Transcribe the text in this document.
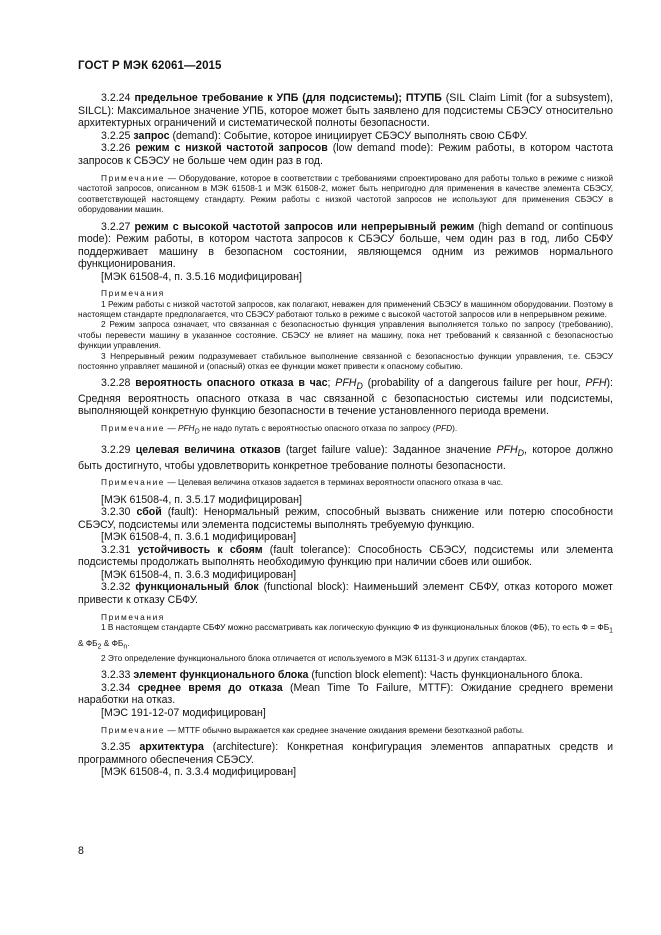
ГОСТ Р МЭК 62061—2015

3.2.24 предельное требование к УПБ (для подсистемы); ПТУПБ (SIL Claim Limit (for a subsystem), SILCL): Максимальное значение УПБ, которое может быть заявлено для подсистемы СБЭСУ относительно архитектурных ограничений и систематической полноты безопасности.

3.2.25 запрос (demand): Событие, которое инициирует СБЭСУ выполнять свою СБФУ.

3.2.26 режим с низкой частотой запросов (low demand mode): Режим работы, в котором частота запросов к СБЭСУ не больше чем один раз в год.

Примечание — Оборудование, которое в соответствии с требованиями спроектировано для работы только в режиме с низкой частотой запросов, описанном в МЭК 61508-1 и МЭК 61508-2, может быть непригодно для применения в качестве элемента СБЭСУ, соответствующей настоящему стандарту. Режим работы с низкой частотой запросов не используют для применения СБЭСУ в оборудовании машин.

3.2.27 режим с высокой частотой запросов или непрерывный режим (high demand or continuous mode): Режим работы, в котором частота запросов к СБЭСУ больше, чем один раз в год, либо СБФУ поддерживает машину в безопасном состоянии, являющемся одним из режимов нормального функционирования.

[МЭК 61508-4, п. 3.5.16 модифицирован]

Примечания

1 Режим работы с низкой частотой запросов, как полагают, неважен для применений СБЭСУ в машинном оборудовании. Поэтому в настоящем стандарте предполагается, что СБЭСУ работают только в режиме с высокой частотой запросов или в непрерывном режиме.

2 Режим запроса означает, что связанная с безопасностью функция управления выполняется только по запросу (требованию), чтобы перевести машину в указанное состояние. СБЭСУ не влияет на машину, пока нет требований к связанной с безопасностью функции управления.

3 Непрерывный режим подразумевает стабильное выполнение связанной с безопасностью функции управления, т.е. СБЭСУ постоянно управляет машиной и (опасный) отказ ее функции может привести к опасному событию.

3.2.28 вероятность опасного отказа в час; $PFH_D$ (probability of a dangerous failure per hour, PFH): Средняя вероятность опасного отказа в час связанной с безопасностью системы или подсистемы, выполняющей конкретную функцию безопасности в течение установленного периода времени.

Примечание — $PFH_D$ не надо путать с вероятностью опасного отказа по запросу (PFD).

3.2.29 целевая величина отказов (target failure value): Заданное значение $PFH_D$, которое должно быть достигнуто, чтобы удовлетворить конкретное требование полноты безопасности.

Примечание — Целевая величина отказов задается в терминах вероятности опасного отказа в час.

[МЭК 61508-4, п. 3.5.17 модифицирован]

3.2.30 сбой (fault): Ненормальный режим, способный вызвать снижение или потерю способности СБЭСУ, подсистемы или элемента подсистемы выполнять требуемую функцию.

[МЭК 61508-4, п. 3.6.1 модифицирован]

3.2.31 устойчивость к сбоям (fault tolerance): Способность СБЭСУ, подсистемы или элемента подсистемы продолжать выполнять необходимую функцию при наличии сбоев или ошибок.

[МЭК 61508-4, п. 3.6.3 модифицирован]

3.2.32 функциональный блок (functional block): Наименьший элемент СБФУ, отказ которого может привести к отказу СБФУ.

Примечания

1 В настоящем стандарте СБФУ можно рассматривать как логическую функцию Ф из функциональных блоков (ФБ), то есть $Ф = ФБ_1$ & $ФБ_2$ & $ФБ_n$.

2 Это определение функционального блока отличается от используемого в МЭК 61131-3 и других стандартах.

3.2.33 элемент функционального блока (function block element): Часть функционального блока.

3.2.34 среднее время до отказа (Mean Time To Failure, MTTF): Ожидание среднего времени наработки на отказ.

[МЭС 191-12-07 модифицирован]

Примечание — MTTF обычно выражается как среднее значение ожидания времени безотказной работы.

3.2.35 архитектура (architecture): Конкретная конфигурация элементов аппаратных средств и программного обеспечения СБЭСУ.

[МЭК 61508-4, п. 3.3.4 модифицирован]

8
